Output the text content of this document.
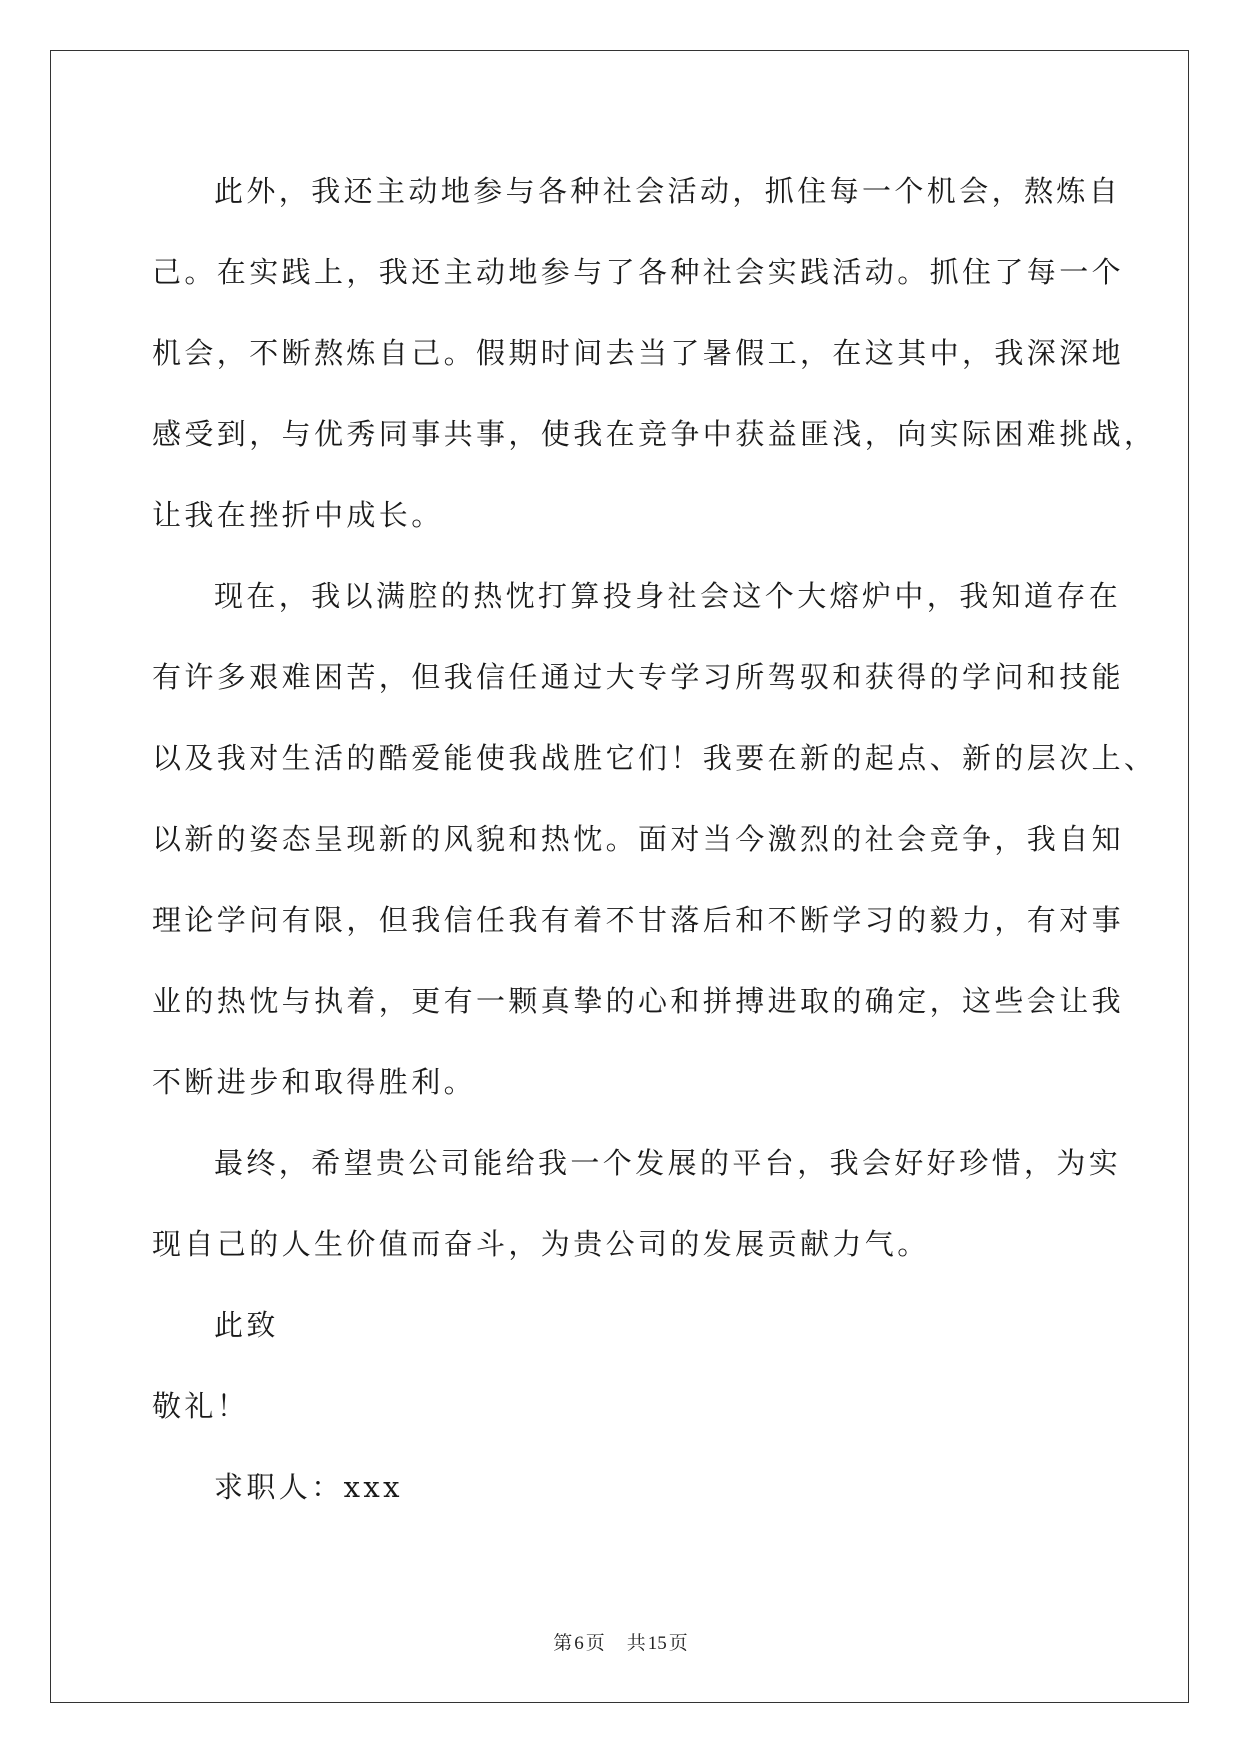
此外，我还主动地参与各种社会活动，抓住每一个机会，熬炼自
己。在实践上，我还主动地参与了各种社会实践活动。抓住了每一个
机会，不断熬炼自己。假期时间去当了暑假工，在这其中，我深深地
感受到，与优秀同事共事，使我在竞争中获益匪浅，向实际困难挑战，
让我在挫折中成长。
现在，我以满腔的热忱打算投身社会这个大熔炉中，我知道存在
有许多艰难困苦，但我信任通过大专学习所驾驭和获得的学问和技能
以及我对生活的酷爱能使我战胜它们！我要在新的起点、新的层次上、
以新的姿态呈现新的风貌和热忱。面对当今激烈的社会竞争，我自知
理论学问有限，但我信任我有着不甘落后和不断学习的毅力，有对事
业的热忱与执着，更有一颗真挚的心和拼搏进取的确定，这些会让我
不断进步和取得胜利。
最终，希望贵公司能给我一个发展的平台，我会好好珍惜，为实
现自己的人生价值而奋斗，为贵公司的发展贡献力气。
此致
敬礼！
求职人：xxx
第 6 页 共 15 页
